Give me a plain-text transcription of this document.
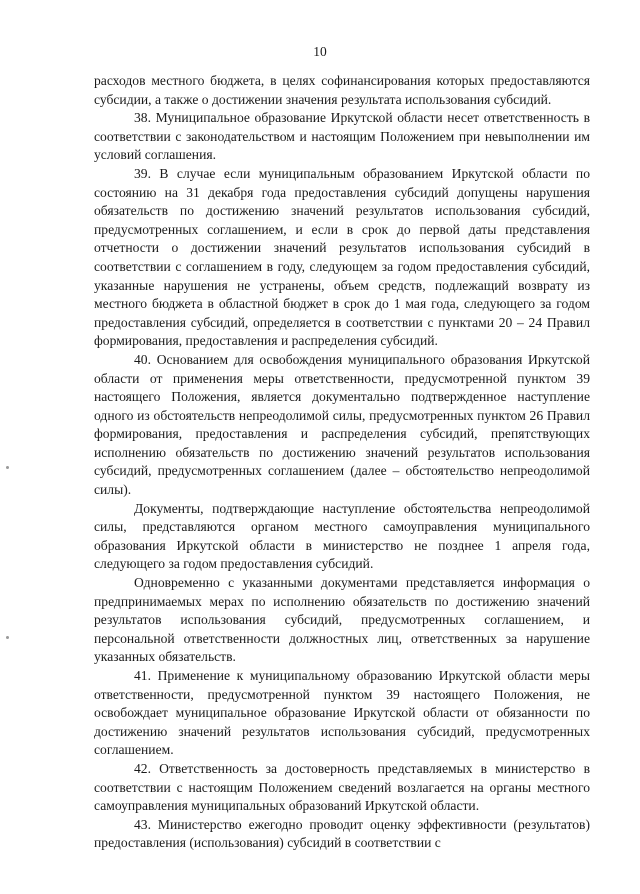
10

расходов местного бюджета, в целях софинансирования которых предоставляются субсидии, а также о достижении значения результата использования субсидий.

38. Муниципальное образование Иркутской области несет ответственность в соответствии с законодательством и настоящим Положением при невыполнении им условий соглашения.

39. В случае если муниципальным образованием Иркутской области по состоянию на 31 декабря года предоставления субсидий допущены нарушения обязательств по достижению значений результатов использования субсидий, предусмотренных соглашением, и если в срок до первой даты представления отчетности о достижении значений результатов использования субсидий в соответствии с соглашением в году, следующем за годом предоставления субсидий, указанные нарушения не устранены, объем средств, подлежащий возврату из местного бюджета в областной бюджет в срок до 1 мая года, следующего за годом предоставления субсидий, определяется в соответствии с пунктами 20 – 24 Правил формирования, предоставления и распределения субсидий.

40. Основанием для освобождения муниципального образования Иркутской области от применения меры ответственности, предусмотренной пунктом 39 настоящего Положения, является документально подтвержденное наступление одного из обстоятельств непреодолимой силы, предусмотренных пунктом 26 Правил формирования, предоставления и распределения субсидий, препятствующих исполнению обязательств по достижению значений результатов использования субсидий, предусмотренных соглашением (далее – обстоятельство непреодолимой силы).

Документы, подтверждающие наступление обстоятельства непреодолимой силы, представляются органом местного самоуправления муниципального образования Иркутской области в министерство не позднее 1 апреля года, следующего за годом предоставления субсидий.

Одновременно с указанными документами представляется информация о предпринимаемых мерах по исполнению обязательств по достижению значений результатов использования субсидий, предусмотренных соглашением, и персональной ответственности должностных лиц, ответственных за нарушение указанных обязательств.

41. Применение к муниципальному образованию Иркутской области меры ответственности, предусмотренной пунктом 39 настоящего Положения, не освобождает муниципальное образование Иркутской области от обязанности по достижению значений результатов использования субсидий, предусмотренных соглашением.

42. Ответственность за достоверность представляемых в министерство в соответствии с настоящим Положением сведений возлагается на органы местного самоуправления муниципальных образований Иркутской области.

43. Министерство ежегодно проводит оценку эффективности (результатов) предоставления (использования) субсидий в соответствии с
